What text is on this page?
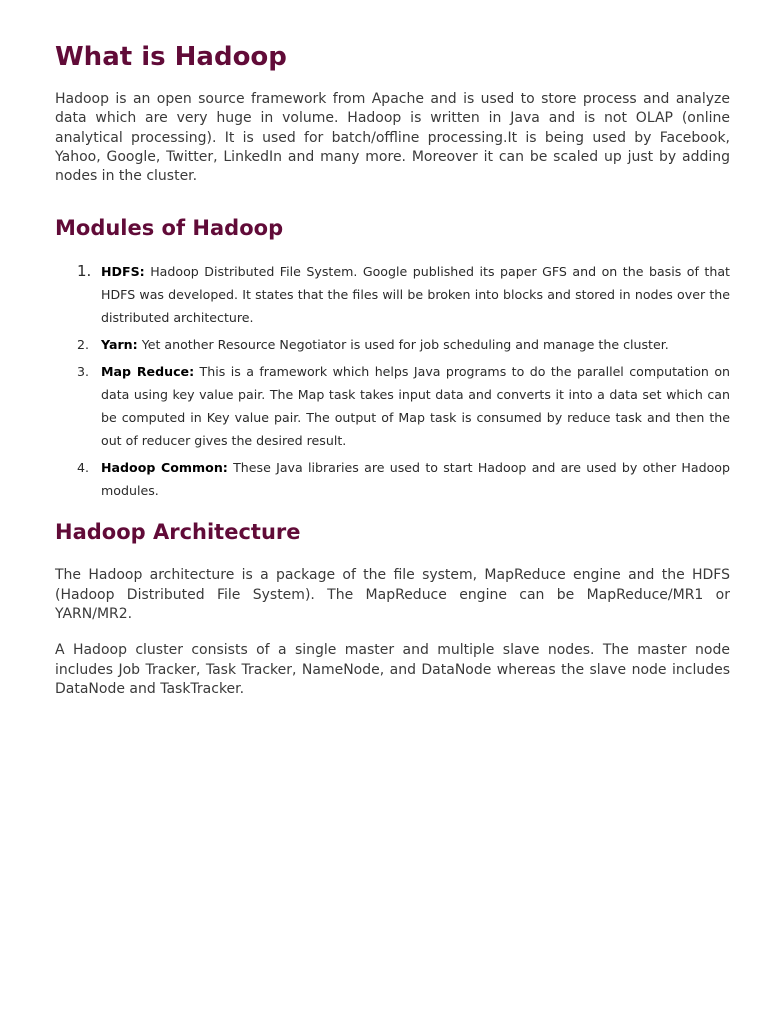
What is Hadoop

Hadoop is an open source framework from Apache and is used to store process and analyze data which are very huge in volume. Hadoop is written in Java and is not OLAP (online analytical processing). It is used for batch/offline processing.It is being used by Facebook, Yahoo, Google, Twitter, LinkedIn and many more. Moreover it can be scaled up just by adding nodes in the cluster.

Modules of Hadoop
1. HDFS: Hadoop Distributed File System. Google published its paper GFS and on the basis of that HDFS was developed. It states that the files will be broken into blocks and stored in nodes over the distributed architecture.
2. Yarn: Yet another Resource Negotiator is used for job scheduling and manage the cluster.
3. Map Reduce: This is a framework which helps Java programs to do the parallel computation on data using key value pair. The Map task takes input data and converts it into a data set which can be computed in Key value pair. The output of Map task is consumed by reduce task and then the out of reducer gives the desired result.
4. Hadoop Common: These Java libraries are used to start Hadoop and are used by other Hadoop modules.
Hadoop Architecture

The Hadoop architecture is a package of the file system, MapReduce engine and the HDFS (Hadoop Distributed File System). The MapReduce engine can be MapReduce/MR1 or YARN/MR2.

A Hadoop cluster consists of a single master and multiple slave nodes. The master node includes Job Tracker, Task Tracker, NameNode, and DataNode whereas the slave node includes DataNode and TaskTracker.
